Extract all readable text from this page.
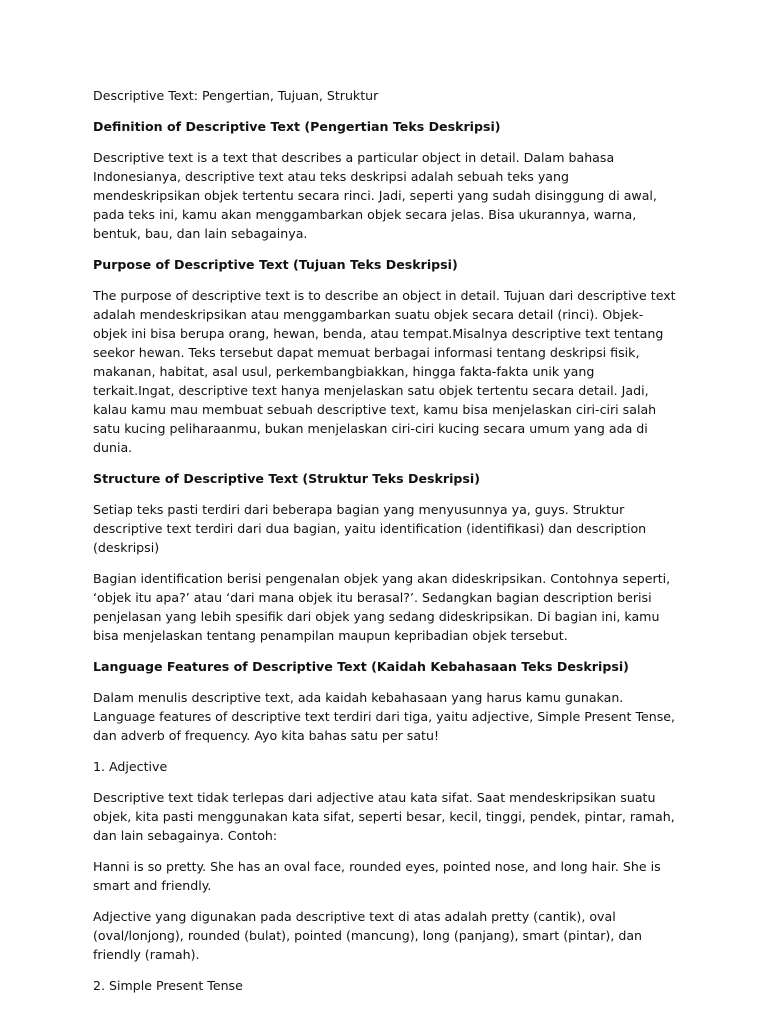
Descriptive Text: Pengertian, Tujuan, Struktur

Definition of Descriptive Text (Pengertian Teks Deskripsi)

Descriptive text is a text that describes a particular object in detail. Dalam bahasa Indonesianya, descriptive text atau teks deskripsi adalah sebuah teks yang mendeskripsikan objek tertentu secara rinci. Jadi, seperti yang sudah disinggung di awal, pada teks ini, kamu akan menggambarkan objek secara jelas. Bisa ukurannya, warna, bentuk, bau, dan lain sebagainya.

Purpose of Descriptive Text (Tujuan Teks Deskripsi)

The purpose of descriptive text is to describe an object in detail. Tujuan dari descriptive text adalah mendeskripsikan atau menggambarkan suatu objek secara detail (rinci). Objek-objek ini bisa berupa orang, hewan, benda, atau tempat.Misalnya descriptive text tentang seekor hewan. Teks tersebut dapat memuat berbagai informasi tentang deskripsi fisik, makanan, habitat, asal usul, perkembangbiakkan, hingga fakta-fakta unik yang terkait.Ingat, descriptive text hanya menjelaskan satu objek tertentu secara detail. Jadi, kalau kamu mau membuat sebuah descriptive text, kamu bisa menjelaskan ciri-ciri salah satu kucing peliharaanmu, bukan menjelaskan ciri-ciri kucing secara umum yang ada di dunia.

Structure of Descriptive Text (Struktur Teks Deskripsi)

Setiap teks pasti terdiri dari beberapa bagian yang menyusunnya ya, guys. Struktur descriptive text terdiri dari dua bagian, yaitu identification (identifikasi) dan description (deskripsi)

Bagian identification berisi pengenalan objek yang akan dideskripsikan. Contohnya seperti, ‘objek itu apa?’ atau ‘dari mana objek itu berasal?’. Sedangkan bagian description berisi penjelasan yang lebih spesifik dari objek yang sedang dideskripsikan. Di bagian ini, kamu bisa menjelaskan tentang penampilan maupun kepribadian objek tersebut.

Language Features of Descriptive Text (Kaidah Kebahasaan Teks Deskripsi)

Dalam menulis descriptive text, ada kaidah kebahasaan yang harus kamu gunakan. Language features of descriptive text terdiri dari tiga, yaitu adjective, Simple Present Tense, dan adverb of frequency. Ayo kita bahas satu per satu!

1. Adjective

Descriptive text tidak terlepas dari adjective atau kata sifat. Saat mendeskripsikan suatu objek, kita pasti menggunakan kata sifat, seperti besar, kecil, tinggi, pendek, pintar, ramah, dan lain sebagainya. Contoh:

Hanni is so pretty. She has an oval face, rounded eyes, pointed nose, and long hair. She is smart and friendly.

Adjective yang digunakan pada descriptive text di atas adalah pretty (cantik), oval (oval/lonjong), rounded (bulat), pointed (mancung), long (panjang), smart (pintar), dan friendly (ramah).

2. Simple Present Tense
